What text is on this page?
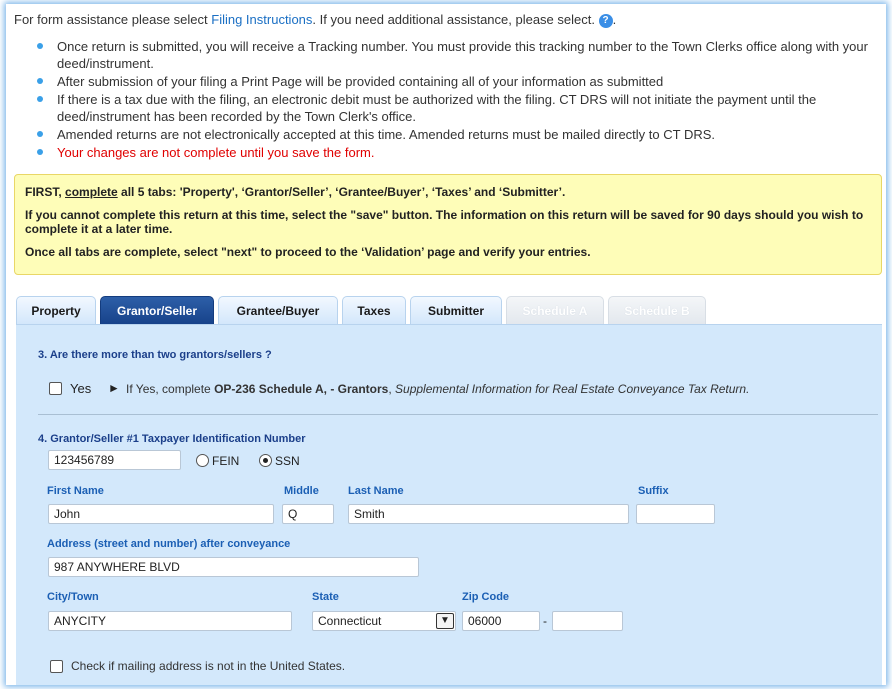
For form assistance please select Filing Instructions. If you need additional assistance, please select. ? .
Once return is submitted, you will receive a Tracking number. You must provide this tracking number to the Town Clerks office along with your deed/instrument.
After submission of your filing a Print Page will be provided containing all of your information as submitted
If there is a tax due with the filing, an electronic debit must be authorized with the filing. CT DRS will not initiate the payment until the deed/instrument has been recorded by the Town Clerk's office.
Amended returns are not electronically accepted at this time. Amended returns must be mailed directly to CT DRS.
Your changes are not complete until you save the form.

FIRST, complete all 5 tabs: 'Property', ‘Grantor/Seller’, ‘Grantee/Buyer’, ‘Taxes’ and ‘Submitter’.

If you cannot complete this return at this time, select the "save" button. The information on this return will be saved for 90 days should you wish to complete it at a later time.

Once all tabs are complete, select "next" to proceed to the ‘Validation’ page and verify your entries.

Property	Grantor/Seller	Grantee/Buyer	Taxes	Submitter	Schedule A	Schedule B
3. Are there more than two grantors/sellers ?
Yes ► If Yes, complete OP-236 Schedule A, - Grantors, Supplemental Information for Real Estate Conveyance Tax Return.
4. Grantor/Seller #1 Taxpayer Identification Number
123456789	FEIN	SSN
First Name	Middle	Last Name	Suffix
John	Q	Smith
Address (street and number) after conveyance
987 ANYWHERE BLVD
City/Town	State	Zip Code
ANYCITY	Connecticut	▼	06000	-
Check if mailing address is not in the United States.
